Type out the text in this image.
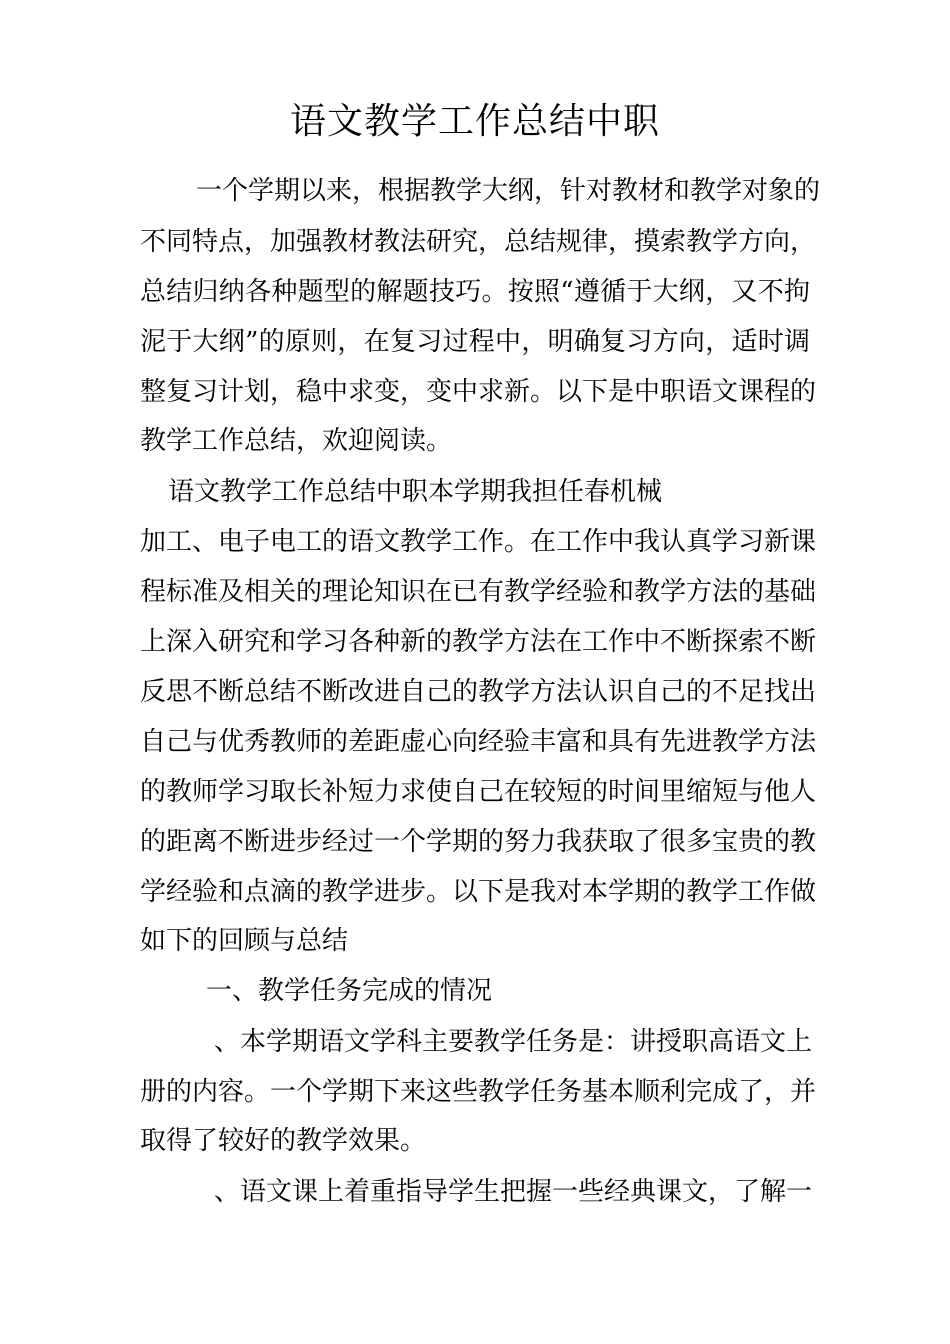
语文教学工作总结中职

一个学期以来，根据教学大纲，针对教材和教学对象的

不同特点，加强教材教法研究，总结规律，摸索教学方向，

总结归纳各种题型的解题技巧。按照“遵循于大纲，又不拘

泥于大纲”的原则，在复习过程中，明确复习方向，适时调

整复习计划，稳中求变，变中求新。以下是中职语文课程的

教学工作总结，欢迎阅读。

语文教学工作总结中职本学期我担任春机械

加工、电子电工的语文教学工作。在工作中我认真学习新课

程标准及相关的理论知识在已有教学经验和教学方法的基础

上深入研究和学习各种新的教学方法在工作中不断探索不断

反思不断总结不断改进自己的教学方法认识自己的不足找出

自己与优秀教师的差距虚心向经验丰富和具有先进教学方法

的教师学习取长补短力求使自己在较短的时间里缩短与他人

的距离不断进步经过一个学期的努力我获取了很多宝贵的教

学经验和点滴的教学进步。以下是我对本学期的教学工作做

如下的回顾与总结

一、教学任务完成的情况

、本学期语文学科主要教学任务是：讲授职高语文上

册的内容。一个学期下来这些教学任务基本顺利完成了，并

取得了较好的教学效果。

、语文课上着重指导学生把握一些经典课文，了解一
